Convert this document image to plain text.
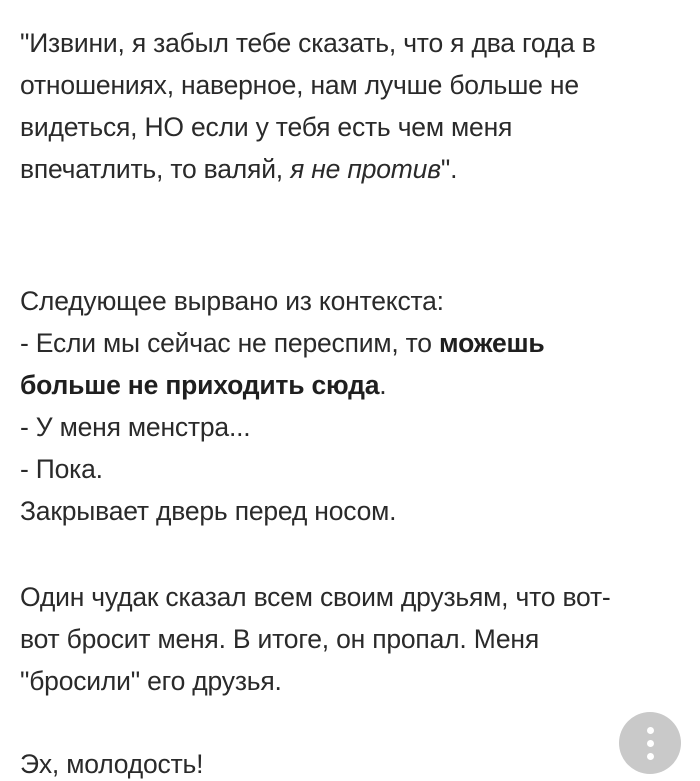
"Извини, я забыл тебе сказать, что я два года в
отношениях, наверное, нам лучше больше не
видеться, НО если у тебя есть чем меня
впечатлить, то валяй, я не против".
Следующее вырвано из контекста:
- Если мы сейчас не переспим, то можешь
больше не приходить сюда.
- У меня менстра...
- Пока.
Закрывает дверь перед носом.
Один чудак сказал всем своим друзьям, что вот-
вот бросит меня. В итоге, он пропал. Меня
"бросили" его друзья.
Эх, молодость!
